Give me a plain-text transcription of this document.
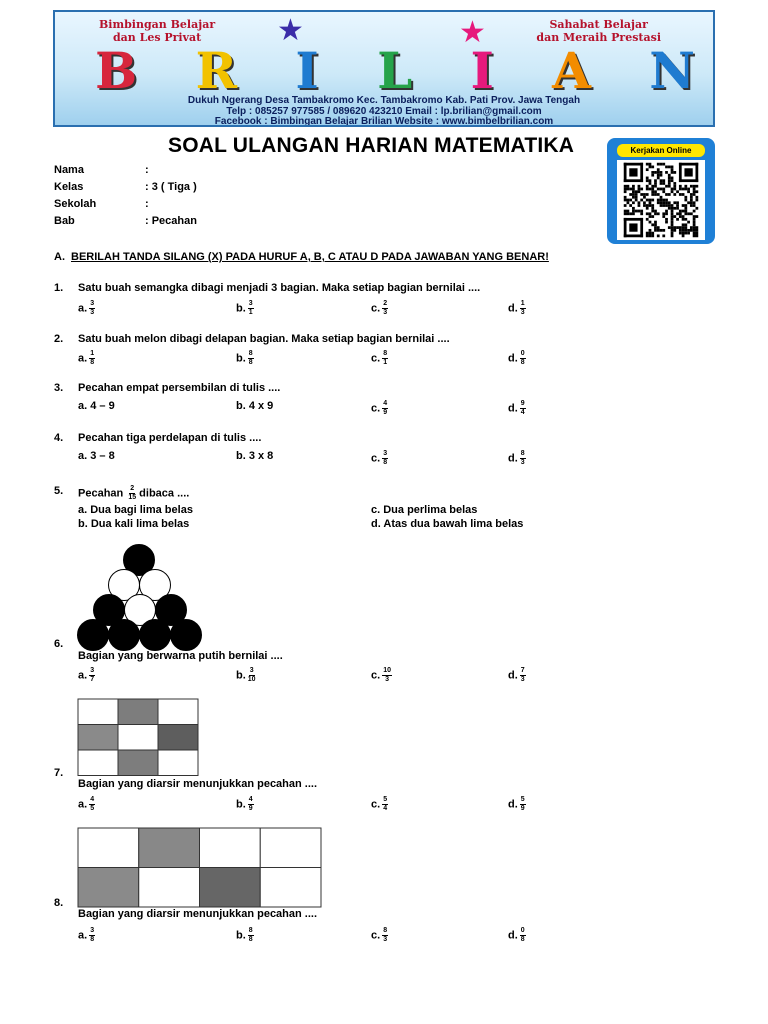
Bimbingan Belajar
dan Les Privat
Sahabat Belajar
dan Meraih Prestasi
★	★
B R I L I A N
Dukuh Ngerang Desa Tambakromo Kec. Tambakromo Kab. Pati Prov. Jawa Tengah
Telp : 085257 977585 / 089620 423210 Email : lp.brilian@gmail.com
Facebook : Bimbingan Belajar Brilian Website : www.bimbelbrilian.com
SOAL ULANGAN HARIAN MATEMATIKA	Kerjakan Online
Nama	:
Kelas	: 3 ( Tiga )
Sekolah	:
Bab	: Pecahan
A. BERILAH TANDA SILANG (X) PADA HURUF A, B, C ATAU D PADA JAWABAN YANG BENAR!
1. Satu buah semangka dibagi menjadi 3 bagian. Maka setiap bagian bernilai ....
a. $\frac{3}{3}$	b. $\frac{3}{1}$	c. $\frac{2}{3}$	d. $\frac{1}{3}$
2. Satu buah melon dibagi delapan bagian. Maka setiap bagian bernilai ....
a. $\frac{1}{8}$	b. $\frac{8}{8}$	c. $\frac{8}{1}$	d. $\frac{0}{8}$
3. Pecahan empat persembilan di tulis ....
a. 4 – 9	b. 4 x 9	c. $\frac{4}{9}$	d. $\frac{9}{4}$
4. Pecahan tiga perdelapan di tulis ....
a. 3 – 8	b. 3 x 8	c. $\frac{3}{8}$	d. $\frac{8}{3}$
5. Pecahan $\frac{2}{15}$ dibaca ....
a. Dua bagi lima belas	c. Dua perlima belas
b. Dua kali lima belas	d. Atas dua bawah lima belas
6.
Bagian yang berwarna putih bernilai ....
a. $\frac{3}{7}$	b. $\frac{3}{10}$	c. $\frac{10}{3}$	d. $\frac{7}{3}$
7.
Bagian yang diarsir menunjukkan pecahan ....
a. $\frac{4}{5}$	b. $\frac{4}{9}$	c. $\frac{5}{4}$	d. $\frac{5}{9}$
8.
Bagian yang diarsir menunjukkan pecahan ....
a. $\frac{3}{8}$	b. $\frac{8}{8}$	c. $\frac{8}{3}$	d. $\frac{0}{8}$
